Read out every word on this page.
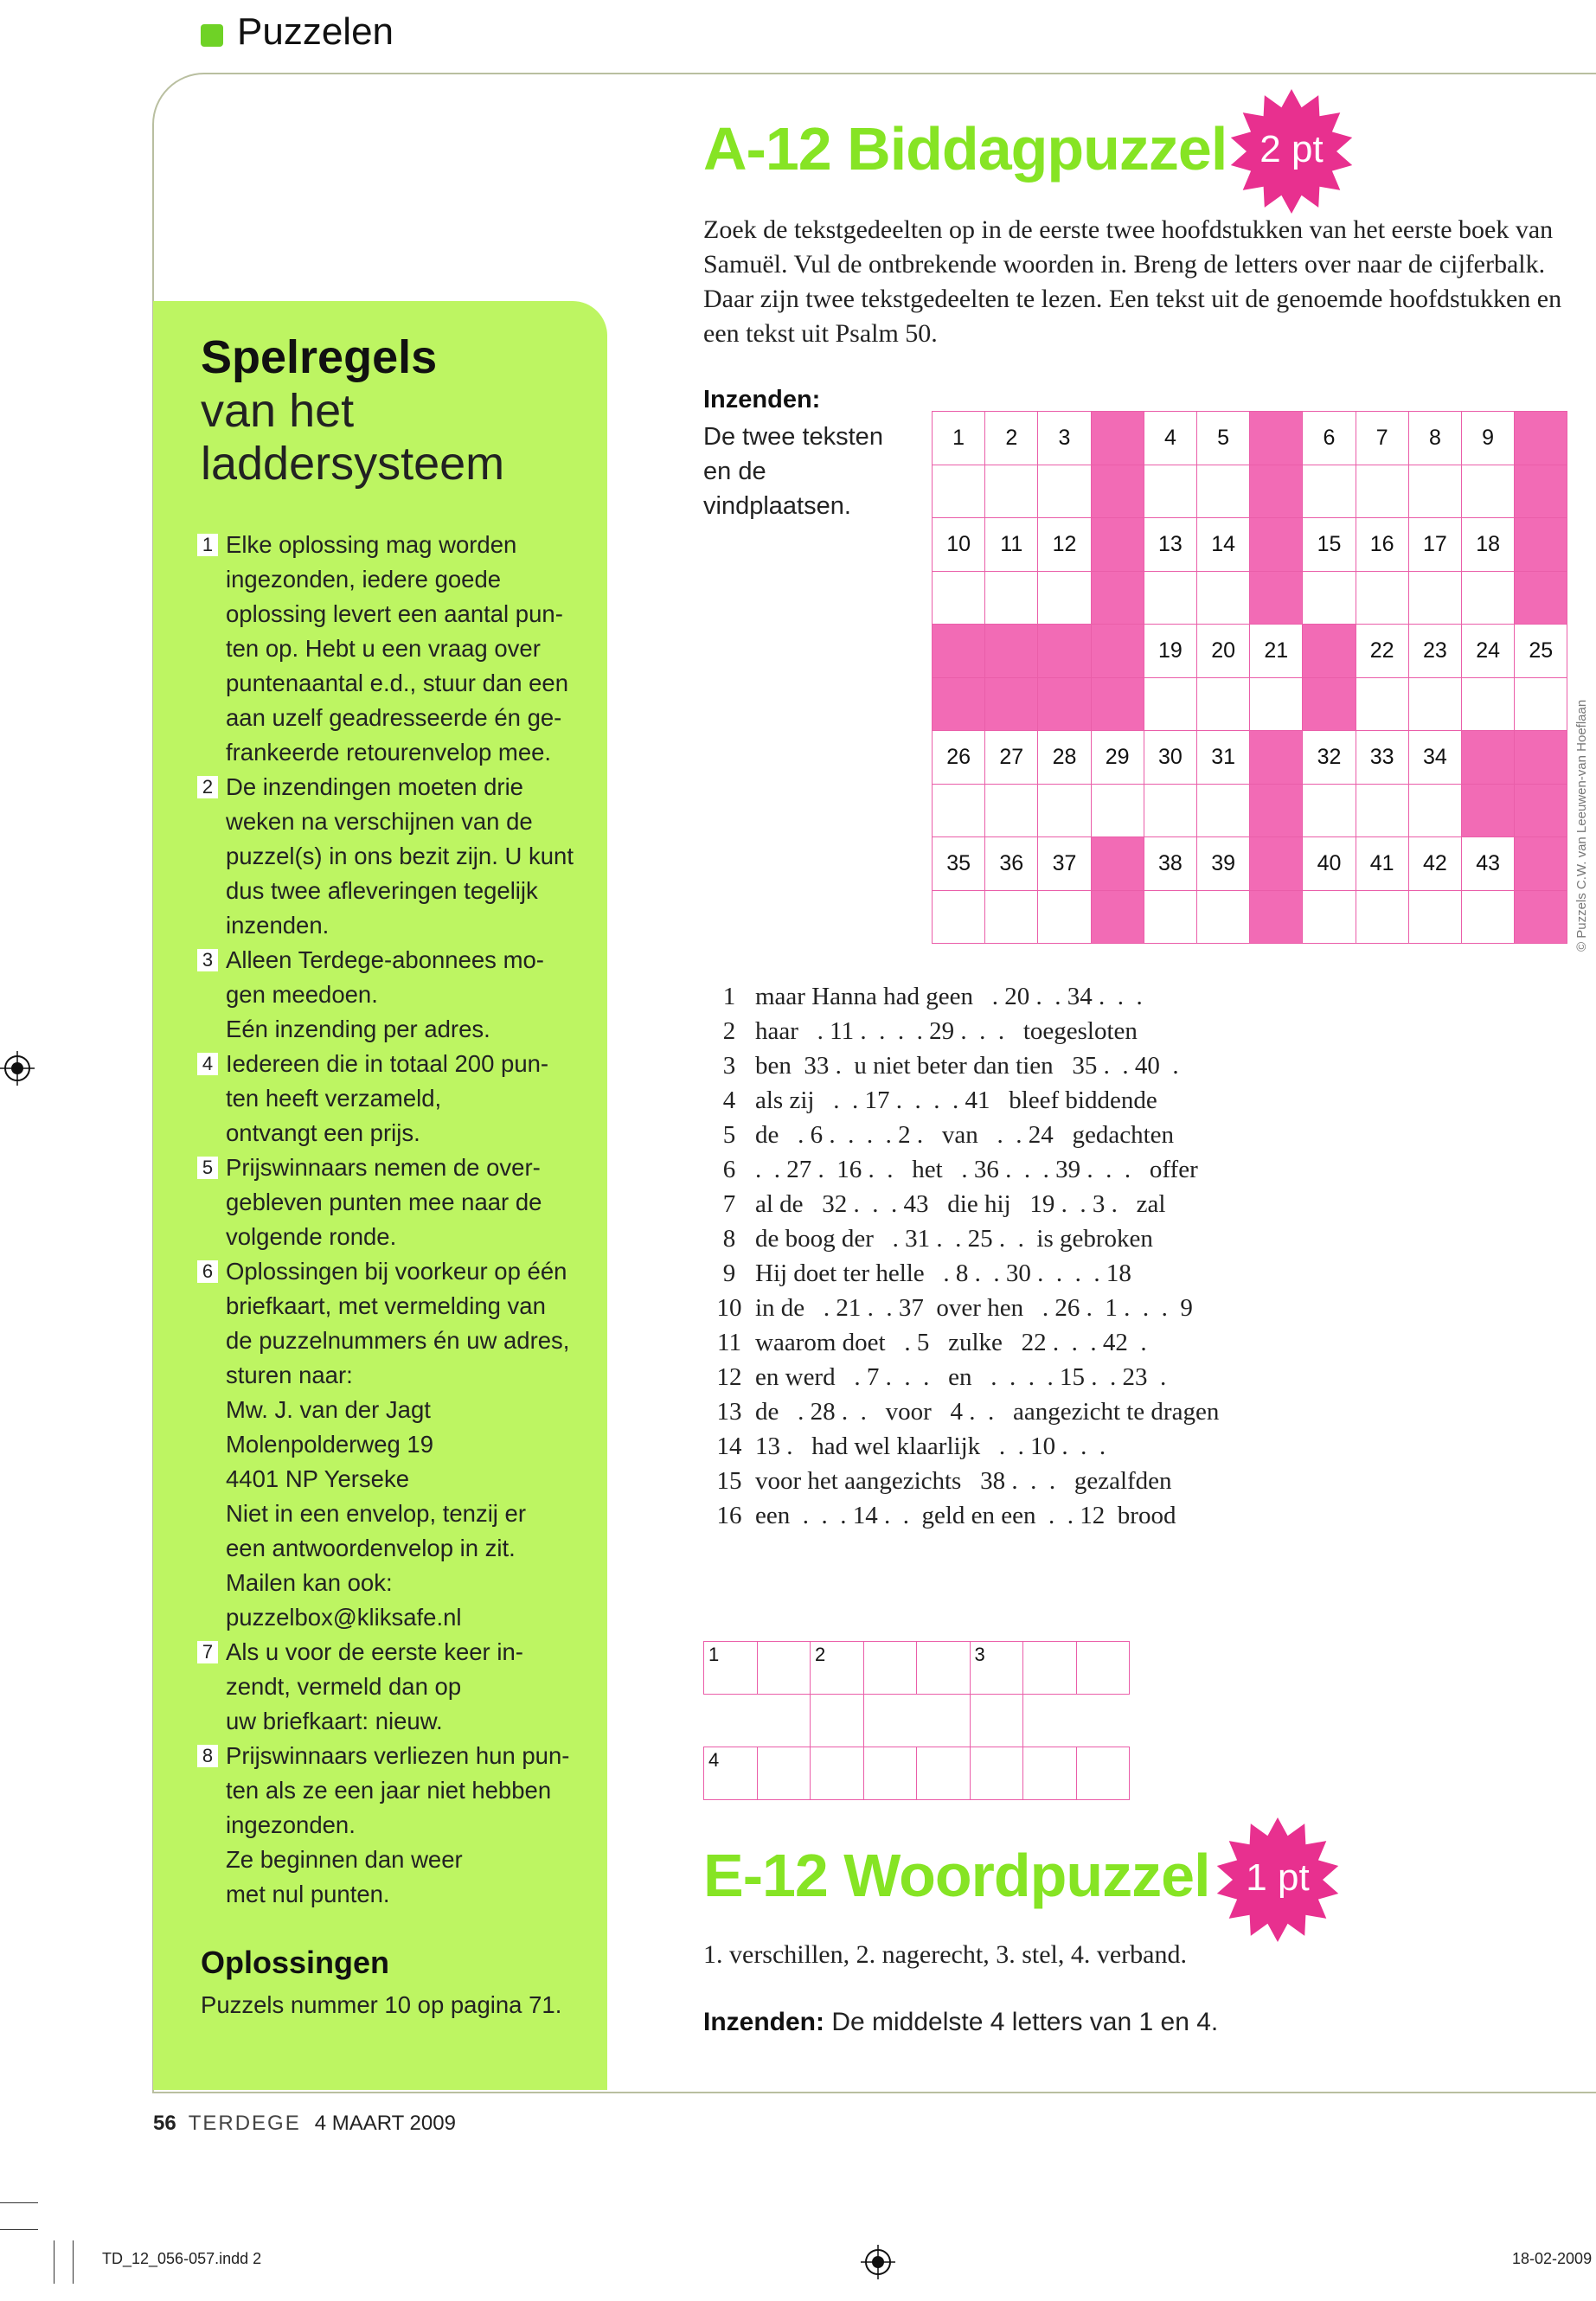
Puzzelen
Spelregels
van het laddersysteem
1 Elke oplossing mag worden
ingezonden, iedere goede
oplossing levert een aantal pun-
ten op. Hebt u een vraag over
puntenaantal e.d., stuur dan een
aan uzelf geadresseerde én ge-
frankeerde retourenvelop mee.
2 De inzendingen moeten drie
weken na verschijnen van de
puzzel(s) in ons bezit zijn. U kunt
dus twee afleveringen tegelijk
inzenden.
3 Alleen Terdege-abonnees mo-
gen meedoen.
Eén inzending per adres.
4 Iedereen die in totaal 200 pun-
ten heeft verzameld,
ontvangt een prijs.
5 Prijswinnaars nemen de over-
gebleven punten mee naar de
volgende ronde.
6 Oplossingen bij voorkeur op één
briefkaart, met vermelding van
de puzzelnummers én uw adres,
sturen naar:
Mw. J. van der Jagt
Molenpolderweg 19
4401 NP Yerseke
Niet in een envelop, tenzij er
een antwoordenvelop in zit.
Mailen kan ook:
puzzelbox@kliksafe.nl
7 Als u voor de eerste keer in-
zendt, vermeld dan op
uw briefkaart: nieuw.
8 Prijswinnaars verliezen hun pun-
ten als ze een jaar niet hebben
ingezonden.
Ze beginnen dan weer
met nul punten.
Oplossingen
Puzzels nummer 10 op pagina 71.
A-12 Biddagpuzzel 2 pt
Zoek de tekstgedeelten op in de eerste twee hoofdstukken van het eerste boek van Samuël. Vul de ontbrekende woorden in. Breng de letters over naar de cijferbalk. Daar zijn twee tekstgedeelten te lezen. Een tekst uit de genoemde hoofdstukken en een tekst uit Psalm 50.
Inzenden:
De twee teksten en de vindplaatsen.
1	2	3	4	5	6	7	8	9
10	11	12	13	14	15	16	17	18
19	20	21	22	23	24	25
26	27	28	29	30	31	32	33	34
35	36	37	38	39	40	41	42	43
1 maar Hanna had geen   . 20 .  . 34 .  .  .
2 haar   . 11 .  .  .  . 29 .  .  .   toegesloten
3 ben  33 .  u niet beter dan tien   35 .  . 40  .
4 als zij   .  . 17 .  .  .  . 41   bleef biddende
5 de   . 6 .  .  .  . 2 .   van   .  . 24   gedachten
6 .  . 27 .  16 .  .   het   . 36 .  .  . 39 .  .  .   offer
7 al de   32 .  .  . 43   die hij   19 .  . 3 .   zal
8 de boog der   . 31 .  . 25 .  .  is gebroken
9 Hij doet ter helle   . 8 .  . 30 .  .  .  . 18
10 in de   . 21 .  . 37  over hen   . 26 .  1 .  .  .  9
11 waarom doet   . 5   zulke   22 .  .  . 42  .
12 en werd   . 7 .  .  .   en   .  .  .  . 15 .  . 23  .
13 de   . 28 .  .   voor   4 .  .   aangezicht te dragen
14 13 .   had wel klaarlijk   .  . 10 .  .  .
15 voor het aangezichts   38 .  .  .   gezalfden
16 een  .  .  . 14 .  .  geld en een  .  . 12  brood
1	2	3
4
E-12 Woordpuzzel 1 pt
1. verschillen, 2. nagerecht, 3. stel, 4. verband.
Inzenden: De middelste 4 letters van 1 en 4.
56 TERDEGE 4 MAART 2009
TD_12_056-057.indd 2	18-02-2009
© Puzzels C.W. van Leeuwen-van Hoeflaan
